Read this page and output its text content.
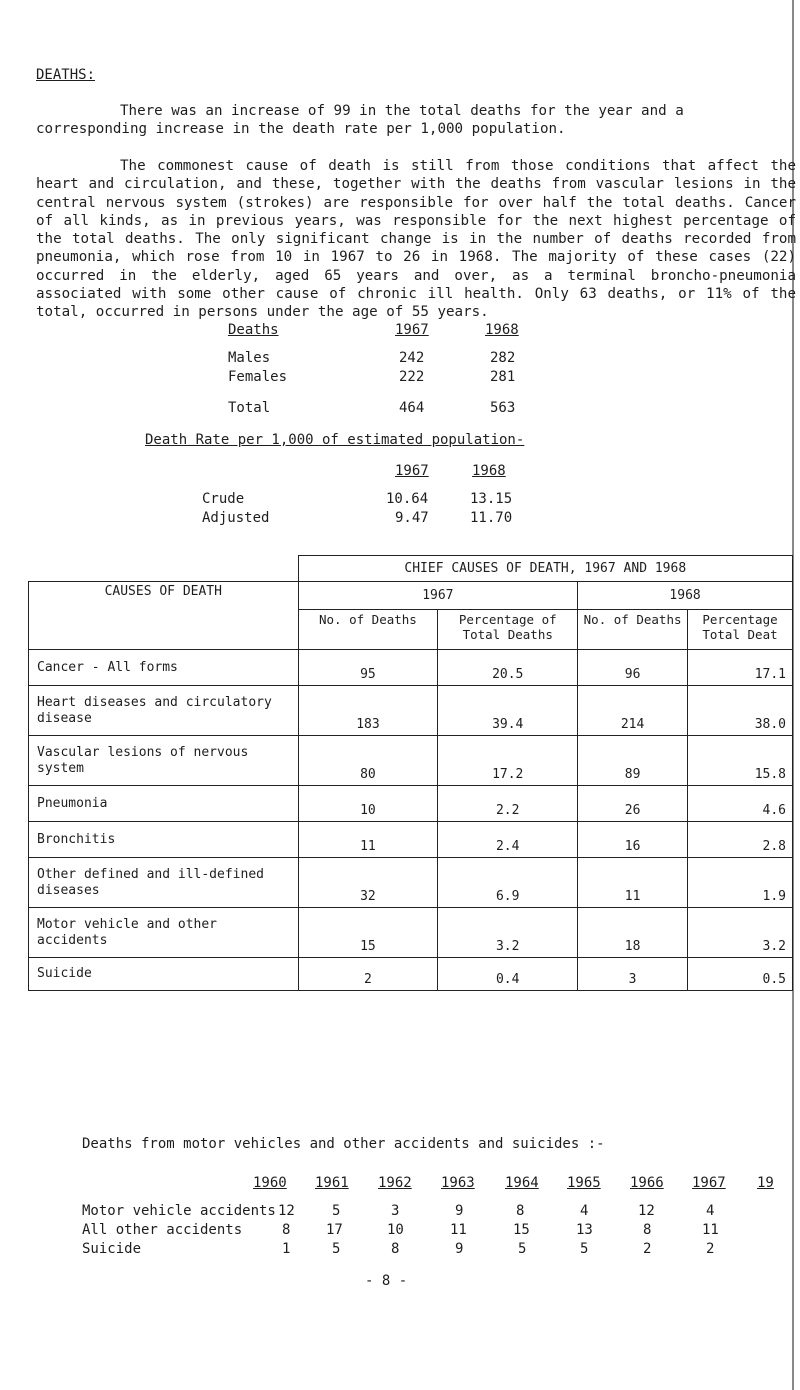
DEATHS:

There was an increase of 99 in the total deaths for the year and a corresponding increase in the death rate per 1,000 population.

The commonest cause of death is still from those conditions that affect the heart and circulation, and these, together with the deaths from vascular lesions in the central nervous system (strokes) are responsible for over half the total deaths. Cancer of all kinds, as in previous years, was responsible for the next highest percentage of the total deaths. The only significant change is in the number of deaths recorded from pneumonia, which rose from 10 in 1967 to 26 in 1968. The majority of these cases (22) occurred in the elderly, aged 65 years and over, as a terminal broncho-pneumonia associated with some other cause of chronic ill health. Only 63 deaths, or 11% of the total, occurred in persons under the age of 55 years.

Deaths	1967	1968
Males	242	282
Females	222	281
Total	464	563
Death Rate per 1,000 of estimated population-
1967	1968
Crude	10.64	13.15
Adjusted	9.47	11.70
	CHIEF CAUSES OF DEATH, 1967 AND 1968			
CAUSES OF DEATH	1967		1968	
	No. of Deaths	Percentage of Total Deaths	No. of Deaths	Percentage Total Deat
Cancer - All forms	95	20.5	96	17.1
Heart diseases and circulatory disease	183	39.4	214	38.0
Vascular lesions of nervous system	80	17.2	89	15.8
Pneumonia	10	2.2	26	4.6
Bronchitis	11	2.4	16	2.8
Other defined and ill-defined diseases	32	6.9	11	1.9
Motor vehicle and other accidents	15	3.2	18	3.2
Suicide	2	0.4	3	0.5
Deaths from motor vehicles and other accidents and suicides :-
1960 1961 1962 1963 1964 1965 1966 1967 19
Motor vehicle accidents 12	5	3	9	8	4	12	4
All other accidents	8	17	10	11	15	13	8	11
Suicide	1	5	8	9	5	5	2	2
- 8 -
